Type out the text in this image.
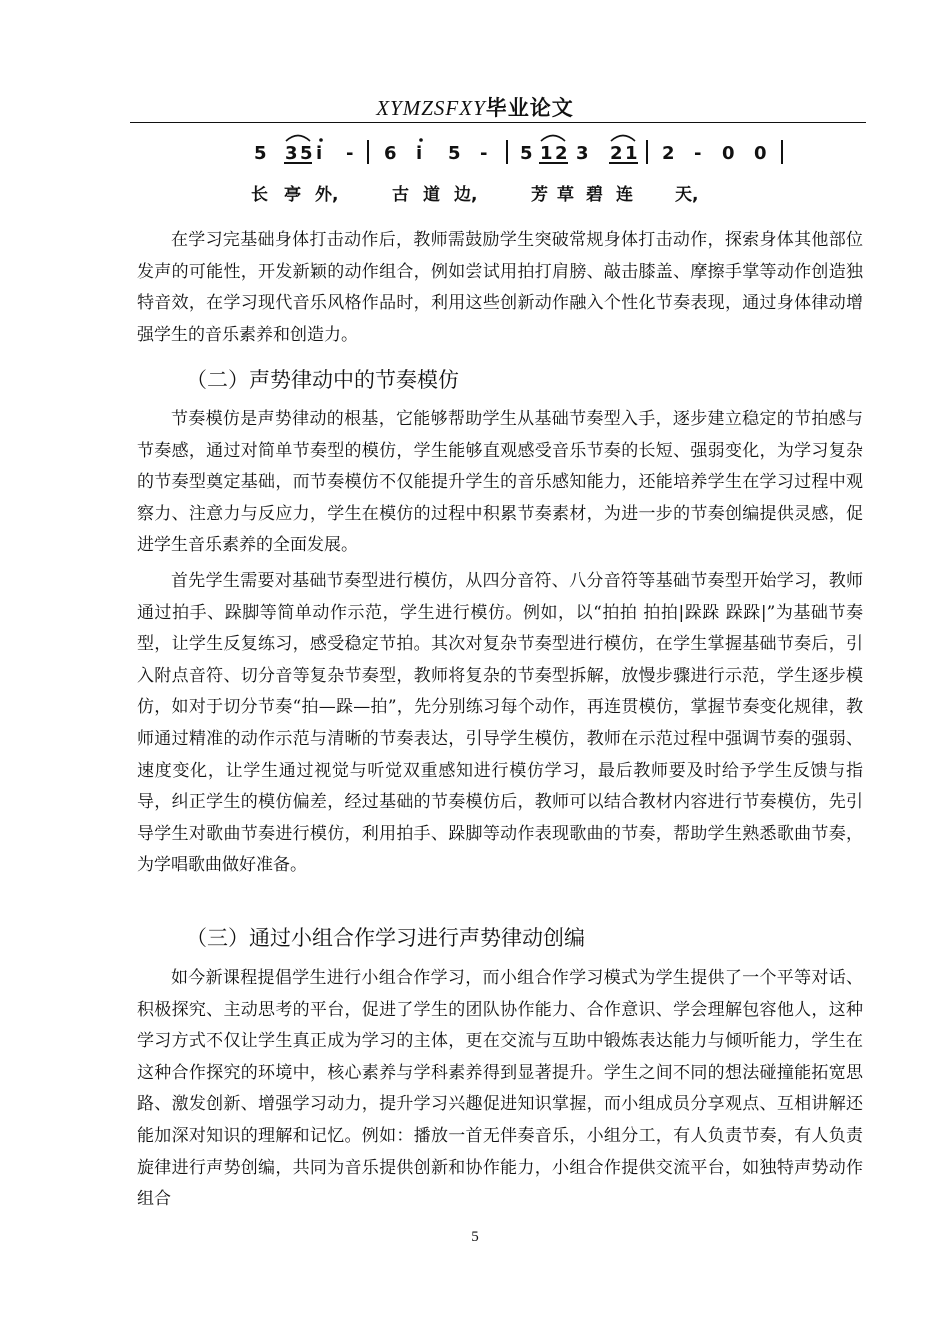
XYMZSFXY毕业论文
5 3 5 i - 6 i 5 - 5 1 2 3 2 1 2 - 0 0
长 亭 外,	古 道 边,	芳 草 碧 连 天,

在学习完基础身体打击动作后，教师需鼓励学生突破常规身体打击动作，探索身体其他部位发声的可能性，开发新颖的动作组合，例如尝试用拍打肩膀、敲击膝盖、摩擦手掌等动作创造独特音效，在学习现代音乐风格作品时，利用这些创新动作融入个性化节奏表现，通过身体律动增强学生的音乐素养和创造力。

（二）声势律动中的节奏模仿

节奏模仿是声势律动的根基，它能够帮助学生从基础节奏型入手，逐步建立稳定的节拍感与节奏感，通过对简单节奏型的模仿，学生能够直观感受音乐节奏的长短、强弱变化，为学习复杂的节奏型奠定基础，而节奏模仿不仅能提升学生的音乐感知能力，还能培养学生在学习过程中观察力、注意力与反应力，学生在模仿的过程中积累节奏素材，为进一步的节奏创编提供灵感，促进学生音乐素养的全面发展。

首先学生需要对基础节奏型进行模仿，从四分音符、八分音符等基础节奏型开始学习，教师通过拍手、跺脚等简单动作示范，学生进行模仿。例如，以“拍拍 拍拍|跺跺 跺跺|”为基础节奏型，让学生反复练习，感受稳定节拍。其次对复杂节奏型进行模仿，在学生掌握基础节奏后，引入附点音符、切分音等复杂节奏型，教师将复杂的节奏型拆解，放慢步骤进行示范，学生逐步模仿，如对于切分节奏“拍—跺—拍”，先分别练习每个动作，再连贯模仿，掌握节奏变化规律，教师通过精准的动作示范与清晰的节奏表达，引导学生模仿，教师在示范过程中强调节奏的强弱、速度变化，让学生通过视觉与听觉双重感知进行模仿学习，最后教师要及时给予学生反馈与指导，纠正学生的模仿偏差，经过基础的节奏模仿后，教师可以结合教材内容进行节奏模仿，先引导学生对歌曲节奏进行模仿，利用拍手、跺脚等动作表现歌曲的节奏，帮助学生熟悉歌曲节奏，为学唱歌曲做好准备。

（三）通过小组合作学习进行声势律动创编

如今新课程提倡学生进行小组合作学习，而小组合作学习模式为学生提供了一个平等对话、积极探究、主动思考的平台，促进了学生的团队协作能力、合作意识、学会理解包容他人，这种学习方式不仅让学生真正成为学习的主体，更在交流与互助中锻炼表达能力与倾听能力，学生在这种合作探究的环境中，核心素养与学科素养得到显著提升。学生之间不同的想法碰撞能拓宽思路、激发创新、增强学习动力，提升学习兴趣促进知识掌握，而小组成员分享观点、互相讲解还能加深对知识的理解和记忆。例如：播放一首无伴奏音乐，小组分工，有人负责节奏，有人负责旋律进行声势创编，共同为音乐提供创新和协作能力，小组合作提供交流平台，如独特声势动作组合

5
